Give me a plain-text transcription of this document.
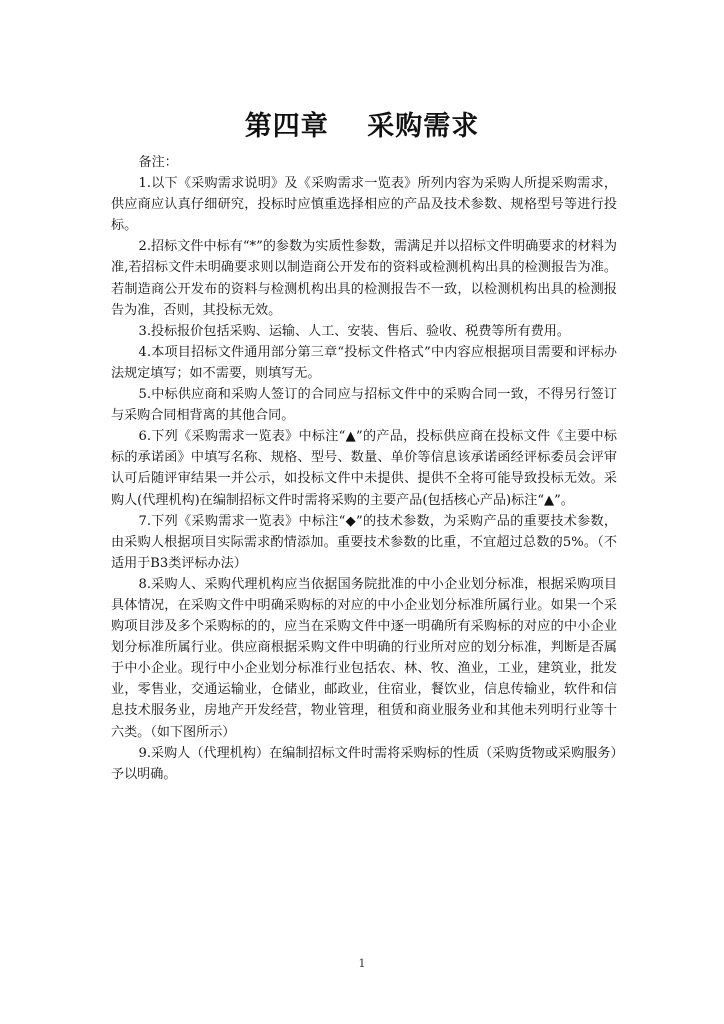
第四章　 采购需求

备注：

1.以下《采购需求说明》及《采购需求一览表》所列内容为采购人所提采购需求，供应商应认真仔细研究，投标时应慎重选择相应的产品及技术参数、规格型号等进行投标。

2.招标文件中标有“*”的参数为实质性参数，需满足并以招标文件明确要求的材料为准,若招标文件未明确要求则以制造商公开发布的资料或检测机构出具的检测报告为准。若制造商公开发布的资料与检测机构出具的检测报告不一致，以检测机构出具的检测报告为准，否则，其投标无效。

3.投标报价包括采购、运输、人工、安装、售后、验收、税费等所有费用。

4.本项目招标文件通用部分第三章“投标文件格式”中内容应根据项目需要和评标办法规定填写；如不需要，则填写无。

5.中标供应商和采购人签订的合同应与招标文件中的采购合同一致，不得另行签订与采购合同相背离的其他合同。

6.下列《采购需求一览表》中标注“▲”的产品，投标供应商在投标文件《主要中标标的承诺函》中填写名称、规格、型号、数量、单价等信息该承诺函经评标委员会评审认可后随评审结果一并公示，如投标文件中未提供、提供不全将可能导致投标无效。采购人(代理机构)在编制招标文件时需将采购的主要产品(包括核心产品)标注“▲”。

7.下列《采购需求一览表》中标注“◆”的技术参数，为采购产品的重要技术参数，由采购人根据项目实际需求酌情添加。重要技术参数的比重，不宜超过总数的5%。（不适用于B3类评标办法）

8.采购人、采购代理机构应当依据国务院批准的中小企业划分标准，根据采购项目具体情况，在采购文件中明确采购标的对应的中小企业划分标准所属行业。如果一个采购项目涉及多个采购标的的，应当在采购文件中逐一明确所有采购标的对应的中小企业划分标准所属行业。供应商根据采购文件中明确的行业所对应的划分标准，判断是否属于中小企业。现行中小企业划分标准行业包括农、林、牧、渔业，工业，建筑业，批发业，零售业，交通运输业，仓储业，邮政业，住宿业，餐饮业，信息传输业，软件和信息技术服务业，房地产开发经营，物业管理，租赁和商业服务业和其他未列明行业等十六类。（如下图所示）

9.采购人（代理机构）在编制招标文件时需将采购标的性质（采购货物或采购服务）予以明确。

1
